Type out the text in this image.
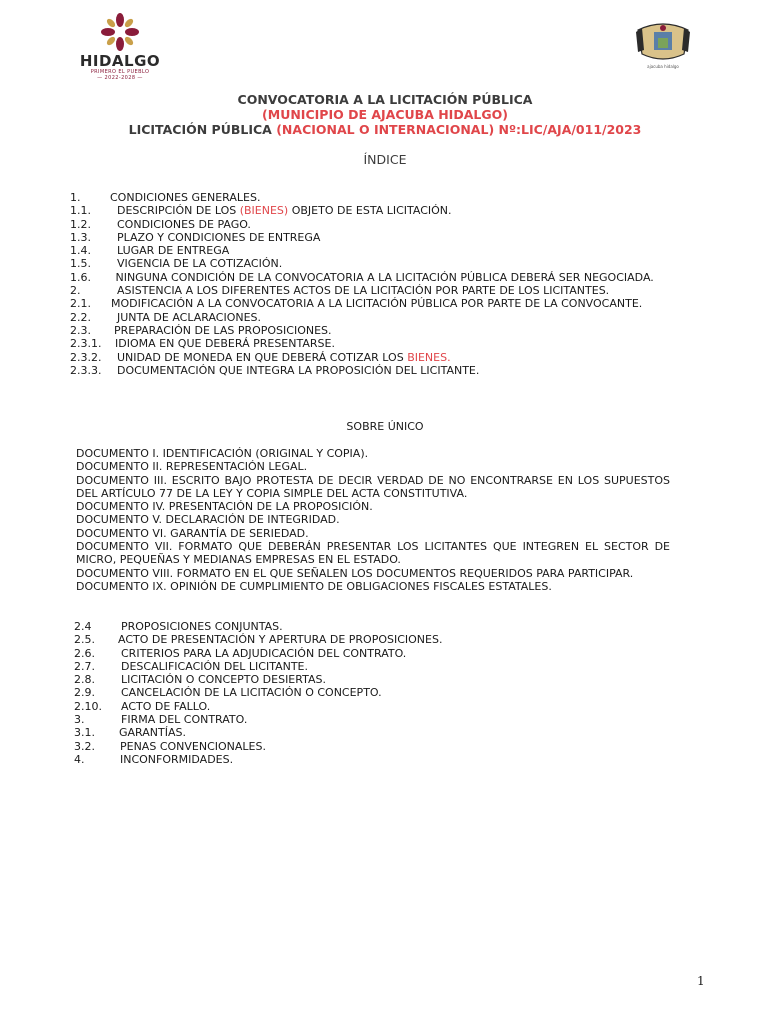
HIDALGO
PRIMERO EL PUEBLO
— 2022-2028 —
ajacuba hidalgo
CONVOCATORIA A LA LICITACIÓN PÚBLICA
(MUNICIPIO DE AJACUBA HIDALGO)
LICITACIÓN PÚBLICA (NACIONAL O INTERNACIONAL) Nº:LIC/AJA/011/2023
ÍNDICE
1.	CONDICIONES GENERALES.
1.1. DESCRIPCIÓN DE LOS (BIENES) OBJETO DE ESTA LICITACIÓN.
1.2. CONDICIONES DE PAGO.
1.3. PLAZO Y CONDICIONES DE ENTREGA
1.4. LUGAR DE ENTREGA
1.5. VIGENCIA DE LA COTIZACIÓN.
1.6. NINGUNA CONDICIÓN DE LA CONVOCATORIA A LA LICITACIÓN PÚBLICA DEBERÁ SER NEGOCIADA.
2.	ASISTENCIA A LOS DIFERENTES ACTOS DE LA LICITACIÓN POR PARTE DE LOS LICITANTES.
2.1. MODIFICACIÓN A LA CONVOCATORIA A LA LICITACIÓN PÚBLICA POR PARTE DE LA CONVOCANTE.
2.2. JUNTA DE ACLARACIONES.
2.3. PREPARACIÓN DE LAS PROPOSICIONES.
2.3.1. IDIOMA EN QUE DEBERÁ PRESENTARSE.
2.3.2. UNIDAD DE MONEDA EN QUE DEBERÁ COTIZAR LOS BIENES.
2.3.3. DOCUMENTACIÓN QUE INTEGRA LA PROPOSICIÓN DEL LICITANTE.
SOBRE ÚNICO

DOCUMENTO I. IDENTIFICACIÓN (ORIGINAL Y COPIA).

DOCUMENTO II. REPRESENTACIÓN LEGAL.

DOCUMENTO III. ESCRITO BAJO PROTESTA DE DECIR VERDAD DE NO ENCONTRARSE EN LOS SUPUESTOS DEL ARTÍCULO 77 DE LA LEY Y COPIA SIMPLE DEL ACTA CONSTITUTIVA.

DOCUMENTO IV. PRESENTACIÓN DE LA PROPOSICIÓN.

DOCUMENTO V. DECLARACIÓN DE INTEGRIDAD.

DOCUMENTO VI. GARANTÍA DE SERIEDAD.

DOCUMENTO VII. FORMATO QUE DEBERÁN PRESENTAR LOS LICITANTES QUE INTEGREN EL SECTOR DE MICRO, PEQUEÑAS Y MEDIANAS EMPRESAS EN EL ESTADO.

DOCUMENTO VIII. FORMATO EN EL QUE SEÑALEN LOS DOCUMENTOS REQUERIDOS PARA PARTICIPAR.

DOCUMENTO IX. OPINIÓN DE CUMPLIMIENTO DE OBLIGACIONES FISCALES ESTATALES.

2.4	PROPOSICIONES CONJUNTAS.
2.5. ACTO DE PRESENTACIÓN Y APERTURA DE PROPOSICIONES.
2.6. CRITERIOS PARA LA ADJUDICACIÓN DEL CONTRATO.
2.7. DESCALIFICACIÓN DEL LICITANTE.
2.8. LICITACIÓN O CONCEPTO DESIERTAS.
2.9. CANCELACIÓN DE LA LICITACIÓN O CONCEPTO.
2.10. ACTO DE FALLO.
3.	FIRMA DEL CONTRATO.
3.1. GARANTÍAS.
3.2. PENAS CONVENCIONALES.
4.	INCONFORMIDADES.
1
